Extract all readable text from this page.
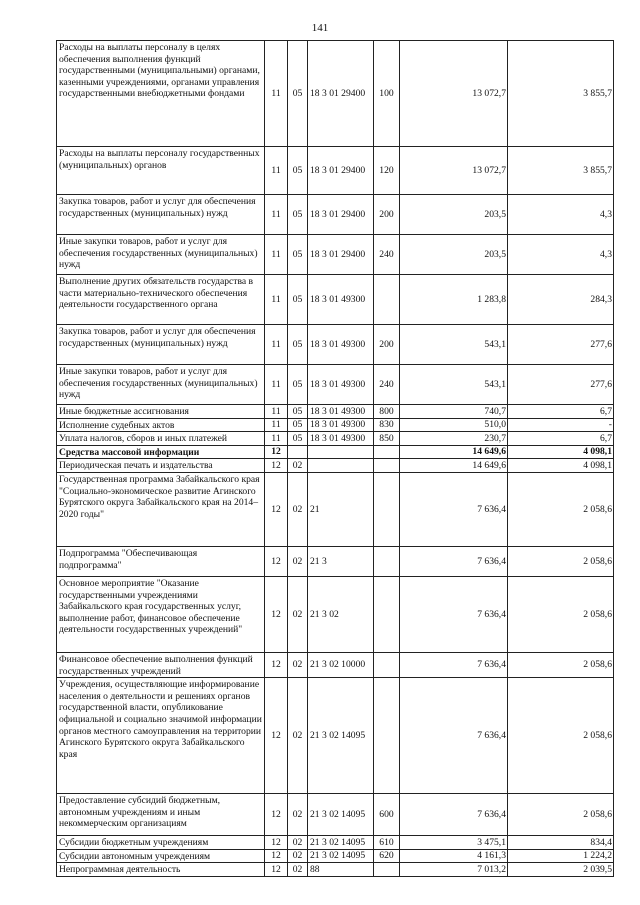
141
Расходы на выплаты персоналу в целях обеспечения выполнения функций государственными (муниципальными) органами, казенными учреждениями, органами управления государственными внебюджетными фондами	11	05	18 3 01 29400	100	13 072,7	3 855,7
Расходы на выплаты персоналу государственных (муниципальных) органов	11	05	18 3 01 29400	120	13 072,7	3 855,7
Закупка товаров, работ и услуг для обеспечения государственных (муниципальных) нужд	11	05	18 3 01 29400	200	203,5	4,3
Иные закупки товаров, работ и услуг для обеспечения государственных (муниципальных) нужд	11	05	18 3 01 29400	240	203,5	4,3
Выполнение других обязательств государства в части материально-технического обеспечения деятельности государственного органа	11	05	18 3 01 49300		1 283,8	284,3
Закупка товаров, работ и услуг для обеспечения государственных (муниципальных) нужд	11	05	18 3 01 49300	200	543,1	277,6
Иные закупки товаров, работ и услуг для обеспечения государственных (муниципальных) нужд	11	05	18 3 01 49300	240	543,1	277,6
Иные бюджетные ассигнования	11	05	18 3 01 49300	800	740,7	6,7
Исполнение судебных актов	11	05	18 3 01 49300	830	510,0	-
Уплата налогов, сборов и иных платежей	11	05	18 3 01 49300	850	230,7	6,7
Средства массовой информации	12				14 649,6	4 098,1
Периодическая печать и издательства	12	02			14 649,6	4 098,1
Государственная программа Забайкальского края "Социально-экономическое развитие Агинского Бурятского округа Забайкальского края на 2014–2020 годы"	12	02	21		7 636,4	2 058,6
Подпрограмма "Обеспечивающая подпрограмма"	12	02	21 3		7 636,4	2 058,6
Основное мероприятие "Оказание государственными учреждениями Забайкальского края государственных услуг, выполнение работ, финансовое обеспечение деятельности государственных учреждений"	12	02	21 3 02		7 636,4	2 058,6
Финансовое обеспечение выполнения функций государственных учреждений	12	02	21 3 02 10000		7 636,4	2 058,6
Учреждения, осуществляющие информирование населения о деятельности и решениях органов государственной власти, опубликование официальной и социально значимой информации органов местного самоуправления на территории Агинского Бурятского округа Забайкальского края	12	02	21 3 02 14095		7 636,4	2 058,6
Предоставление субсидий бюджетным, автономным учреждениям и иным некоммерческим организациям	12	02	21 3 02 14095	600	7 636,4	2 058,6
Субсидии бюджетным учреждениям	12	02	21 3 02 14095	610	3 475,1	834,4
Субсидии автономным учреждениям	12	02	21 3 02 14095	620	4 161,3	1 224,2
Непрограммная деятельность	12	02	88		7 013,2	2 039,5
